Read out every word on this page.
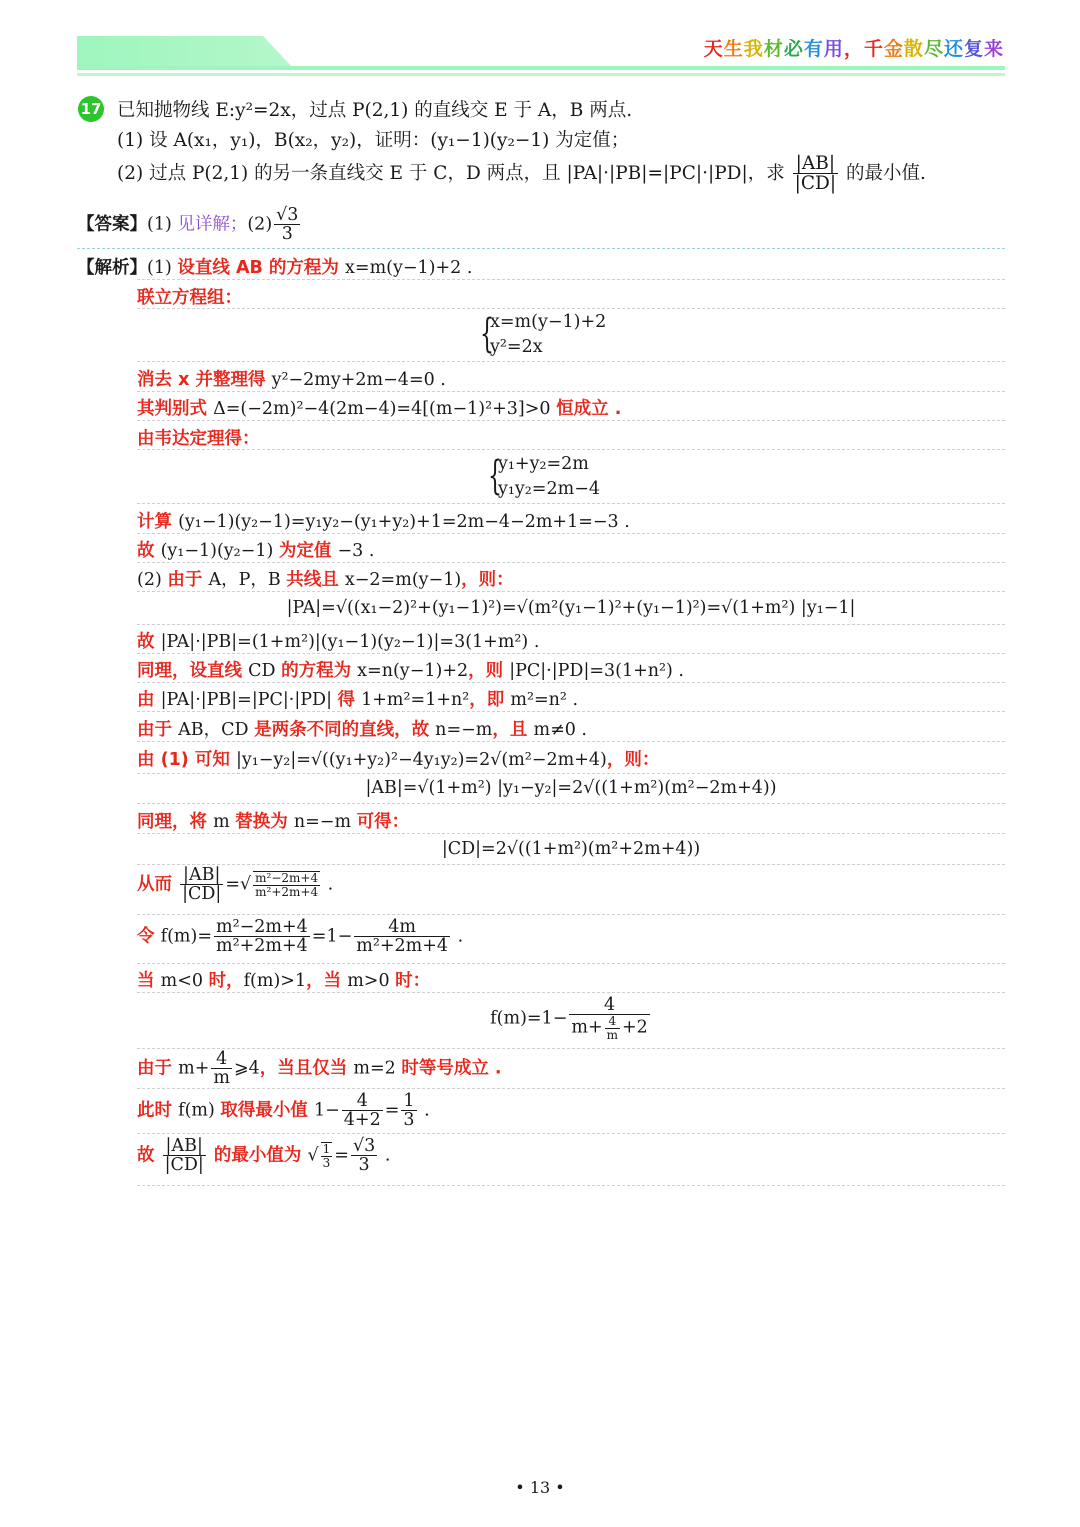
天生我材必有用，千金散尽还复来
17 已知抛物线 E:y²=2x，过点 P(2,1) 的直线交 E 于 A，B 两点.
(1) 设 A(x₁，y₁)，B(x₂，y₂)，证明：(y₁−1)(y₂−1) 为定值；
(2) 过点 P(2,1) 的另一条直线交 E 于 C，D 两点，且 |PA|·|PB|=|PC|·|PD|，求 $\frac{|AB|}{|CD|}$ 的最小值.
【答案】(1) 见详解；$(2) \frac{√3}{3}$
【解析】(1) 设直线 AB 的方程为 x=m(y−1)+2 .
联立方程组：
{
x=m(y−1)+2
y²=2x
消去 x 并整理得 y²−2my+2m−4=0 .
其判别式 Δ=(−2m)²−4(2m−4)=4[(m−1)²+3]>0 恒成立 .
由韦达定理得：
{
y₁+y₂=2m
y₁y₂=2m−4
计算 (y₁−1)(y₂−1)=y₁y₂−(y₁+y₂)+1=2m−4−2m+1=−3 .
故 (y₁−1)(y₂−1) 为定值 −3 .
(2) 由于 A，P，B 共线且 x−2=m(y−1)，则：
|PA|=√((x₁−2)²+(y₁−1)²)=√(m²(y₁−1)²+(y₁−1)²)=√(1+m²) |y₁−1|
故 |PA|·|PB|=(1+m²)|(y₁−1)(y₂−1)|=3(1+m²) .
同理，设直线 CD 的方程为 x=n(y−1)+2，则 |PC|·|PD|=3(1+n²) .
由 |PA|·|PB|=|PC|·|PD| 得 1+m²=1+n²，即 m²=n² .
由于 AB，CD 是两条不同的直线，故 n=−m，且 m≠0 .
由 (1) 可知 |y₁−y₂|=√((y₁+y₂)²−4y₁y₂)=2√(m²−2m+4)，则：
|AB|=√(1+m²) |y₁−y₂|=2√((1+m²)(m²−2m+4))
同理，将 m 替换为 n=−m 可得：
|CD|=2√((1+m²)(m²+2m+4))
从而 $\frac{|AB|}{|CD|}$ =√ $\frac{\text{m²−2m+4}}{\text{m²+2m+4}}$ .
令 $f(m)= \frac{\text{m²−2m+4}}{\text{m²+2m+4}} =1- \frac{4m}{\text{m²+2m+4}}$ .
当 m<0 时，f(m)>1，当 m>0 时：
$f(m)=1- \frac{4}{m+ \frac{4}{m} +2}$
由于 $m+ \frac{4}{m}$ ⩾4，当且仅当 m=2 时等号成立 .
此时 f(m) 取得最小值 $1- \frac{4}{4+2} = \frac{1}{3}$ .
故 $\frac{|AB|}{|CD|}$ 的最小值为 √ $\frac{1}{3} = \frac{√3}{3}$ .
• 13 •
